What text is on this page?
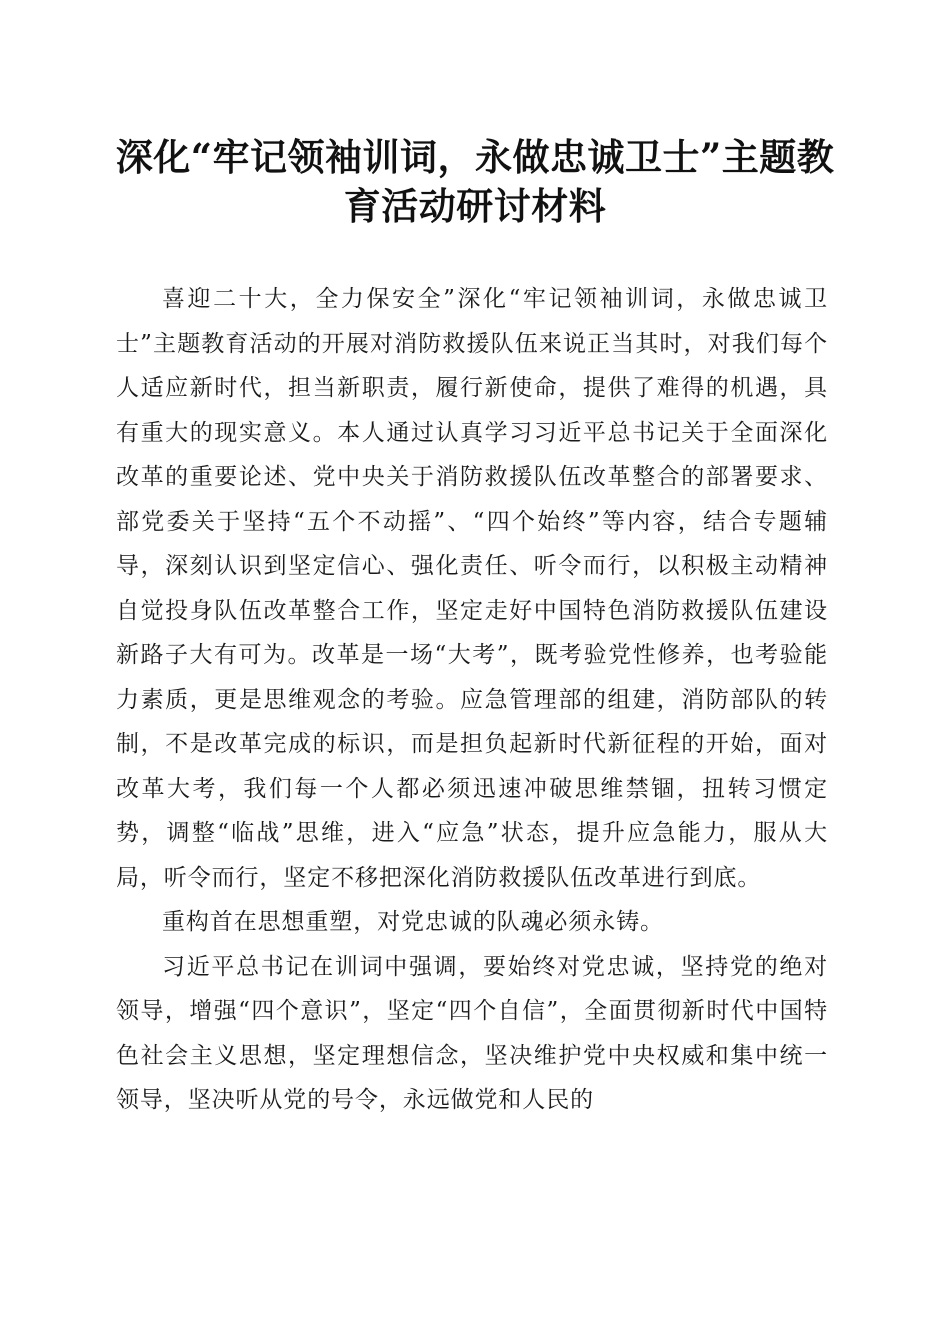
深化“牢记领袖训词，永做忠诚卫士”主题教
育活动研讨材料

喜迎二十大，全力保安全”深化“牢记领袖训词，永做忠诚卫士”主题教育活动的开展对消防救援队伍来说正当其时，对我们每个人适应新时代，担当新职责，履行新使命，提供了难得的机遇，具有重大的现实意义。本人通过认真学习习近平总书记关于全面深化改革的重要论述、党中央关于消防救援队伍改革整合的部署要求、部党委关于坚持“五个不动摇”、“四个始终”等内容，结合专题辅导，深刻认识到坚定信心、强化责任、听令而行，以积极主动精神自觉投身队伍改革整合工作，坚定走好中国特色消防救援队伍建设新路子大有可为。改革是一场“大考”，既考验党性修养，也考验能力素质，更是思维观念的考验。应急管理部的组建，消防部队的转制，不是改革完成的标识，而是担负起新时代新征程的开始，面对改革大考，我们每一个人都必须迅速冲破思维禁锢，扭转习惯定势，调整“临战”思维，进入“应急”状态，提升应急能力，服从大局，听令而行，坚定不移把深化消防救援队伍改革进行到底。

重构首在思想重塑，对党忠诚的队魂必须永铸。

习近平总书记在训词中强调，要始终对党忠诚，坚持党的绝对领导，增强“四个意识”，坚定“四个自信”，全面贯彻新时代中国特色社会主义思想，坚定理想信念，坚决维护党中央权威和集中统一领导，坚决听从党的号令，永远做党和人民的
